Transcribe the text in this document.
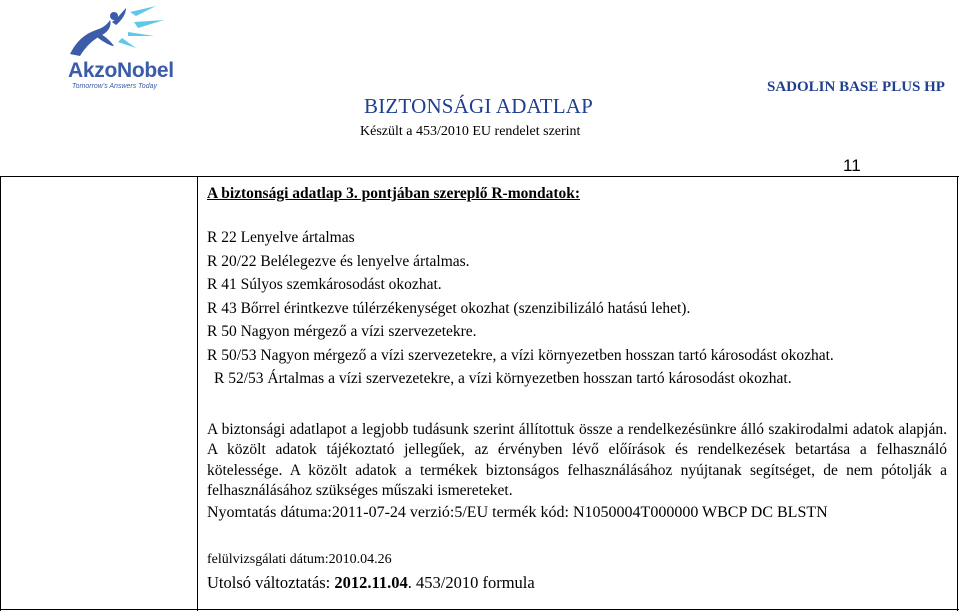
AkzoNobel
Tomorrow's Answers Today
BIZTONSÁGI ADATLAP
Készült a 453/2010 EU rendelet szerint
SADOLIN BASE PLUS HP
11
A biztonsági adatlap 3. pontjában szereplő R-mondatok:
R 22 Lenyelve ártalmas
R 20/22 Belélegezve és lenyelve ártalmas.
R 41 Súlyos szemkárosodást okozhat.
R 43 Bőrrel érintkezve túlérzékenységet okozhat (szenzibilizáló hatású lehet).
R 50 Nagyon mérgező a vízi szervezetekre.
R 50/53 Nagyon mérgező a vízi szervezetekre, a vízi környezetben hosszan tartó károsodást okozhat.
R 52/53 Ártalmas a vízi szervezetekre, a vízi környezetben hosszan tartó károsodást okozhat.

A biztonsági adatlapot a legjobb tudásunk szerint állítottuk össze a rendelkezésünkre álló szakirodalmi adatok alapján. A közölt adatok tájékoztató jellegűek, az érvényben lévő előírások és rendelkezések betartása a felhasználó kötelessége. A közölt adatok a termékek biztonságos felhasználásához nyújtanak segítséget, de nem pótolják a felhasználásához szükséges műszaki ismereteket.

Nyomtatás dátuma:2011-07-24 verzió:5/EU termék kód: N1050004T000000 WBCP DC BLSTN

felülvizsgálati dátum:2010.04.26

Utolsó változtatás: 2012.11.04. 453/2010 formula
